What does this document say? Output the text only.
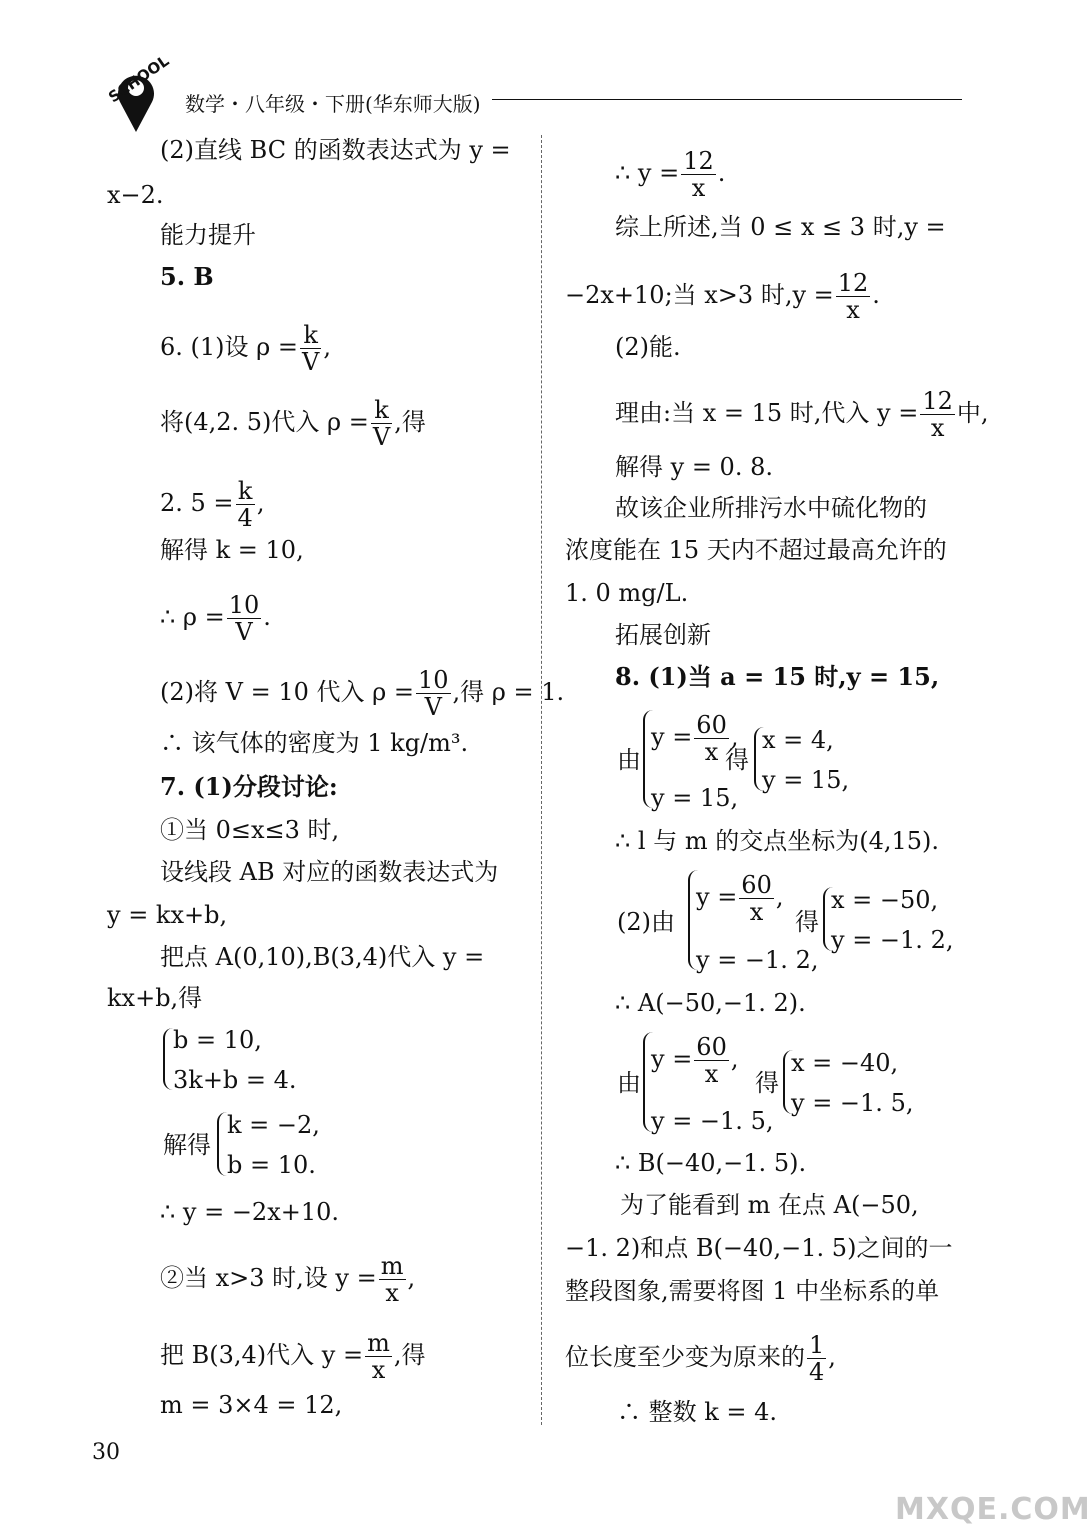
SCHOOL 数学・八年级・下册(华东师大版)
(2)直线 BC 的函数表达式为 y =
x−2.
能力提升
5. B
6. (1)设 $\rho = \frac{k}{V}$ ,
将(4,2. 5)代入 $\rho = \frac{k}{V}$ ,得
2. $5 = \frac{k}{4}$ ,
解得 k = 10,
∴ $\rho = \frac{10}{V}$ .
(2)将 V = 10 代入 $\rho = \frac{10}{V}$ ,得 ρ = 1.
∴ 该气体的密度为 1 kg/m³.
7. (1)分段讨论:
①当 0≤x≤3 时,
设线段 AB 对应的函数表达式为
y = kx+b,
把点 A(0,10),B(3,4)代入 y =
kx+b,得
b = 10,
3k+b = 4.
解得
k = −2,
b = 10.
∴ y = −2x+10.
②当 x>3 时,设 $y = \frac{m}{x}$ ,
把 B(3,4)代入 $y = \frac{m}{x}$ ,得
m = 3×4 = 12,
∴ $y = \frac{12}{x}$ .
综上所述,当 0 ≤ x ≤ 3 时,y =
−2x+10;当 x>3 时$,y = \frac{12}{x}$ .
(2)能.
理由:当 x = 15 时,代入 $y = \frac{12}{x}$ 中,
解得 y = 0. 8.
故该企业所排污水中硫化物的
浓度能在 15 天内不超过最高允许的
1. 0 mg/L.
拓展创新
8. (1)当 a = 15 时,y = 15,
由
$y = \frac{60}{x}$ ,
y = 15,
得
x = 4,
y = 15,
∴ l 与 m 的交点坐标为(4,15).
(2)由
$y = \frac{60}{x}$ ,
y = −1. 2,
得
x = −50,
y = −1. 2,
∴ A(−50,−1. 2).
由
$y = \frac{60}{x}$ ,
y = −1. 5,
得
x = −40,
y = −1. 5,
∴ B(−40,−1. 5).
为了能看到 m 在点 A(−50,
−1. 2)和点 B(−40,−1. 5)之间的一
整段图象,需要将图 1 中坐标系的单
位长度至少变为原来的 $\frac{1}{4}$ ,
∴ 整数 k = 4.
30
MXQE.COM
